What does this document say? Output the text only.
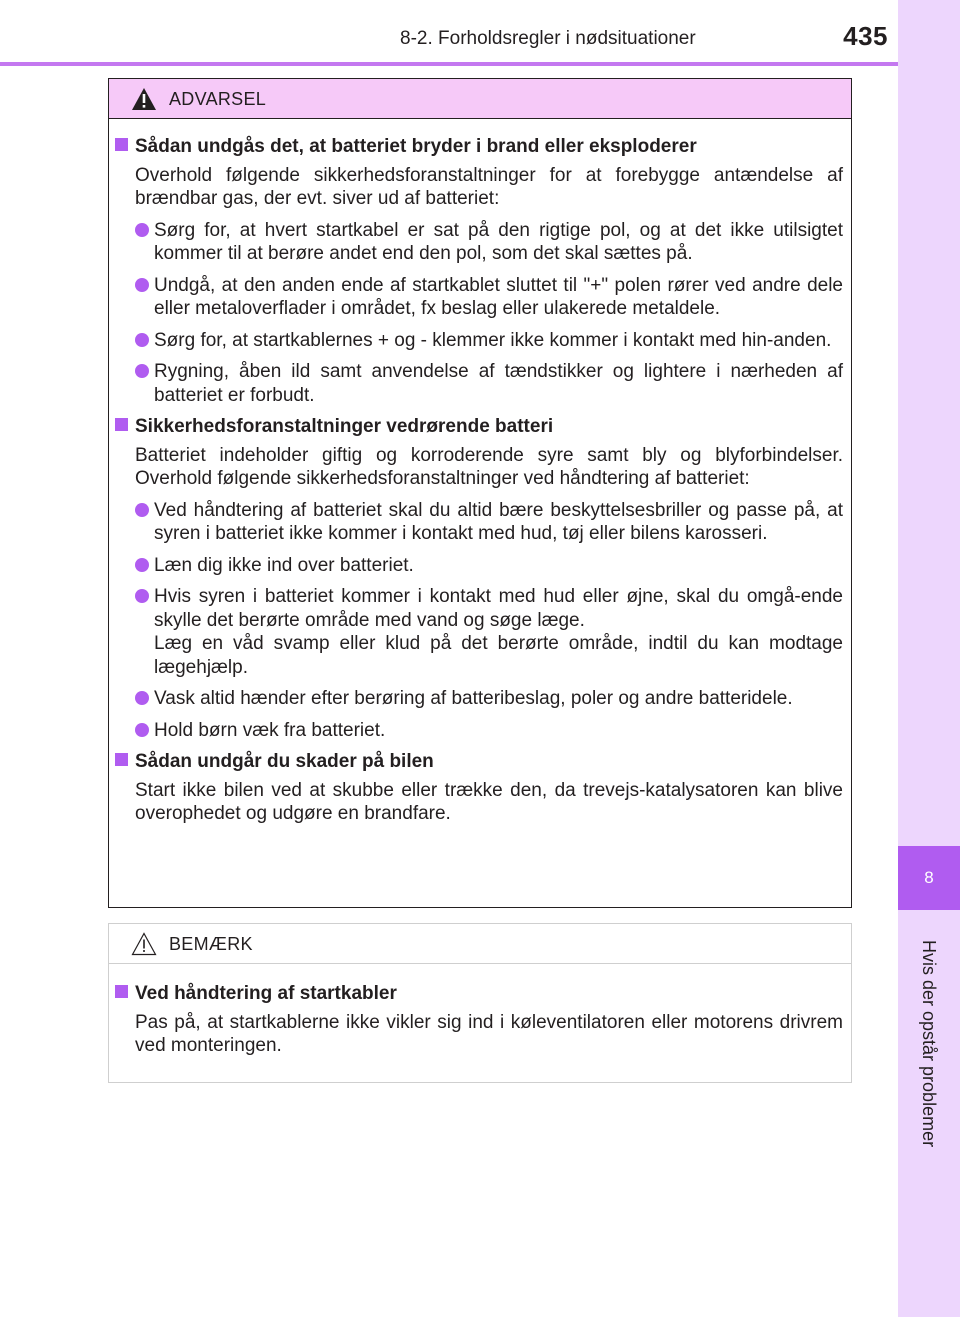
8-2. Forholdsregler i nødsituationer	435
8
Hvis der opstår problemer
ADVARSEL
Sådan undgås det, at batteriet bryder i brand eller eksploderer
Overhold følgende sikkerhedsforanstaltninger for at forebygge antændelse af brændbar gas, der evt. siver ud af batteriet:
Sørg for, at hvert startkabel er sat på den rigtige pol, og at det ikke utilsigtet kommer til at berøre andet end den pol, som det skal sættes på.
Undgå, at den anden ende af startkablet sluttet til "+" polen rører ved andre dele eller metaloverflader i området, fx beslag eller ulakerede metaldele.
Sørg for, at startkablernes + og - klemmer ikke kommer i kontakt med hin-anden.
Rygning, åben ild samt anvendelse af tændstikker og lightere i nærheden af batteriet er forbudt.
Sikkerhedsforanstaltninger vedrørende batteri
Batteriet indeholder giftig og korroderende syre samt bly og blyforbindelser. Overhold følgende sikkerhedsforanstaltninger ved håndtering af batteriet:
Ved håndtering af batteriet skal du altid bære beskyttelsesbriller og passe på, at syren i batteriet ikke kommer i kontakt med hud, tøj eller bilens karosseri.
Læn dig ikke ind over batteriet.
Hvis syren i batteriet kommer i kontakt med hud eller øjne, skal du omgå-ende skylle det berørte område med vand og søge læge.
Læg en våd svamp eller klud på det berørte område, indtil du kan modtage lægehjælp.
Vask altid hænder efter berøring af batteribeslag, poler og andre batteridele.
Hold børn væk fra batteriet.
Sådan undgår du skader på bilen
Start ikke bilen ved at skubbe eller trække den, da trevejs-katalysatoren kan blive overophedet og udgøre en brandfare.
BEMÆRK
Ved håndtering af startkabler
Pas på, at startkablerne ikke vikler sig ind i køleventilatoren eller motorens drivrem ved monteringen.
